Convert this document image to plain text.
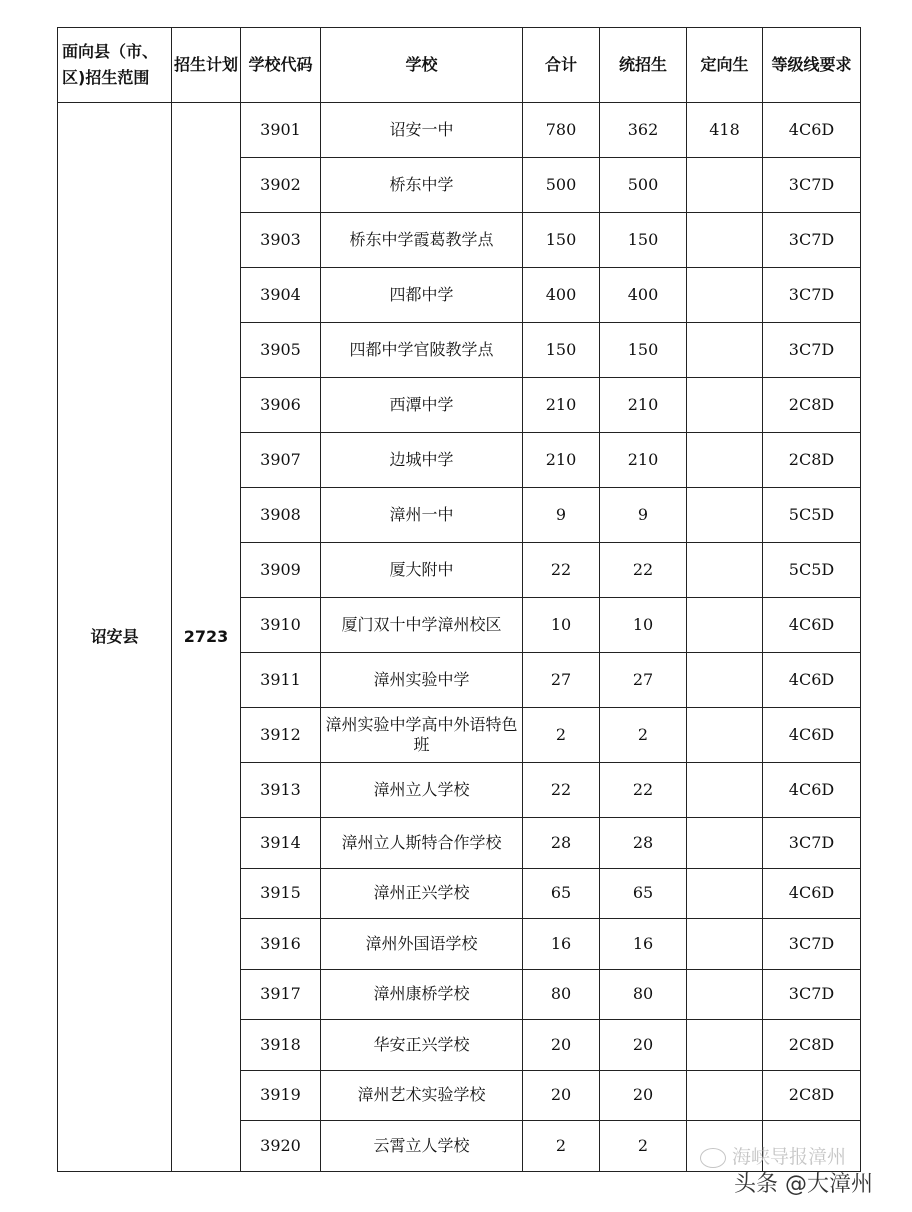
面向县（市、区)招生范围	招生计划	学校代码	学校	合计	统招生	定向生	等级线要求
诏安县	2723	3901	诏安一中	780	362	418	4C6D
		3902	桥东中学	500	500		3C7D
		3903	桥东中学霞葛教学点	150	150		3C7D
		3904	四都中学	400	400		3C7D
		3905	四都中学官陂教学点	150	150		3C7D
		3906	西潭中学	210	210		2C8D
		3907	边城中学	210	210		2C8D
		3908	漳州一中	9	9		5C5D
		3909	厦大附中	22	22		5C5D
		3910	厦门双十中学漳州校区	10	10		4C6D
		3911	漳州实验中学	27	27		4C6D
		3912	漳州实验中学高中外语特色班	2	2		4C6D
		3913	漳州立人学校	22	22		4C6D
		3914	漳州立人斯特合作学校	28	28		3C7D
		3915	漳州正兴学校	65	65		4C6D
		3916	漳州外国语学校	16	16		3C7D
		3917	漳州康桥学校	80	80		3C7D
		3918	华安正兴学校	20	20		2C8D
		3919	漳州艺术实验学校	20	20		2C8D
		3920	云霄立人学校	2	2		
海峡导报漳州
头条 @大漳州
